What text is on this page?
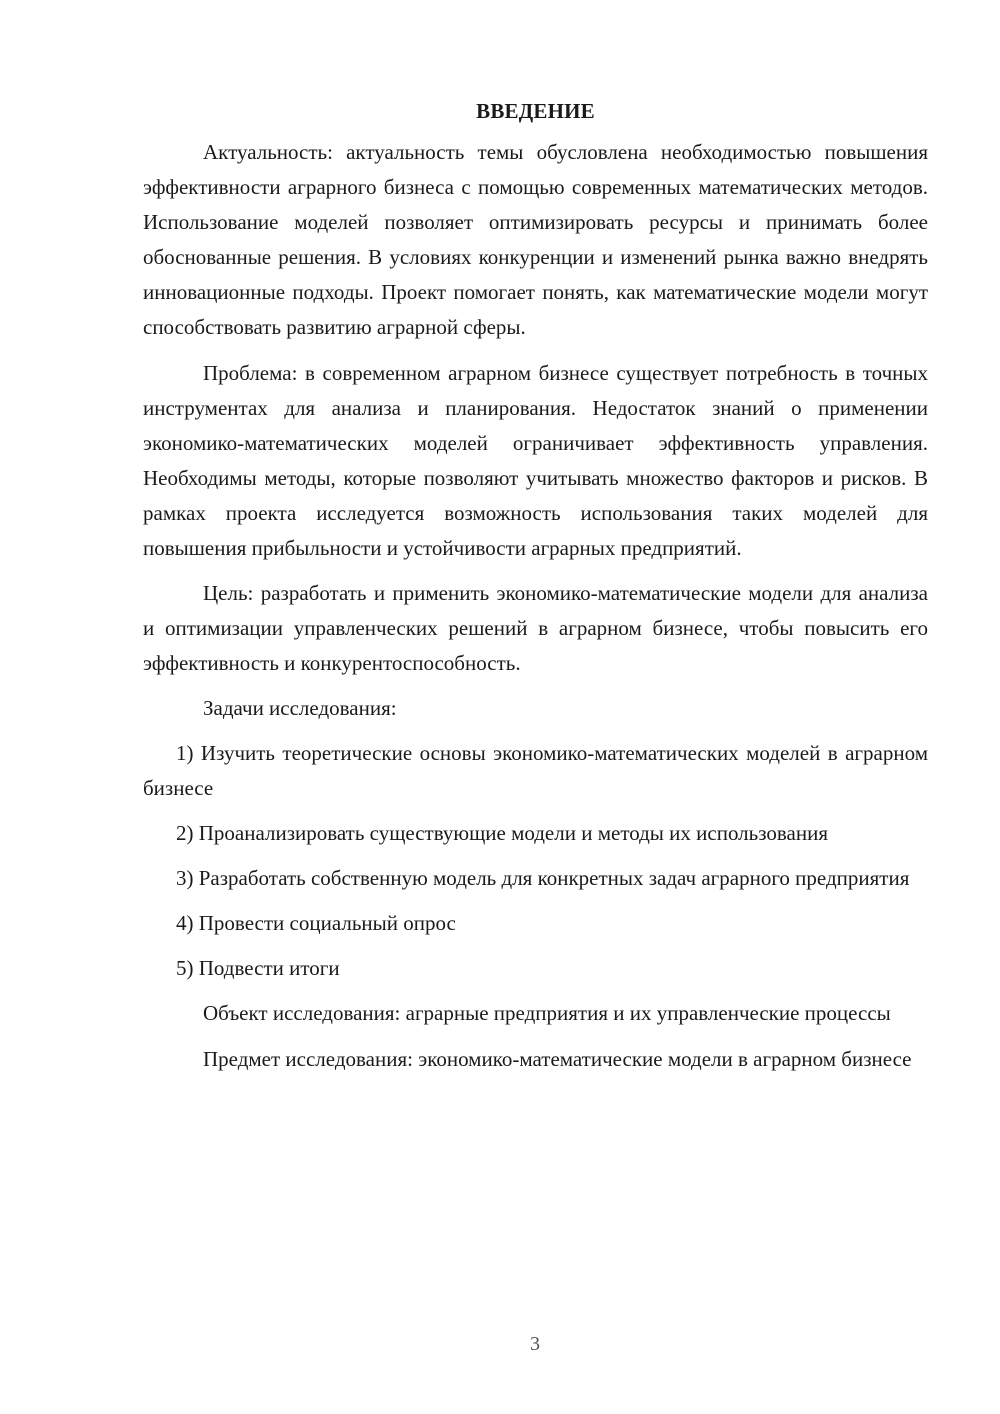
ВВЕДЕНИЕ

Актуальность: актуальность темы обусловлена необходимостью повышения эффективности аграрного бизнеса с помощью современных математических методов. Использование моделей позволяет оптимизировать ресурсы и принимать более обоснованные решения. В условиях конкуренции и изменений рынка важно внедрять инновационные подходы. Проект помогает понять, как математические модели могут способствовать развитию аграрной сферы.

Проблема: в современном аграрном бизнесе существует потребность в точных инструментах для анализа и планирования. Недостаток знаний о применении экономико-математических моделей ограничивает эффективность управления. Необходимы методы, которые позволяют учитывать множество факторов и рисков. В рамках проекта исследуется возможность использования таких моделей для повышения прибыльности и устойчивости аграрных предприятий.

Цель: разработать и применить экономико-математические модели для анализа и оптимизации управленческих решений в аграрном бизнесе, чтобы повысить его эффективность и конкурентоспособность.

Задачи исследования:

1) Изучить теоретические основы экономико-математических моделей в аграрном бизнесе

2) Проанализировать существующие модели и методы их использования

3) Разработать собственную модель для конкретных задач аграрного предприятия

4) Провести социальный опрос

5) Подвести итоги

Объект исследования: аграрные предприятия и их управленческие процессы

Предмет исследования: экономико-математические модели в аграрном бизнесе

3
